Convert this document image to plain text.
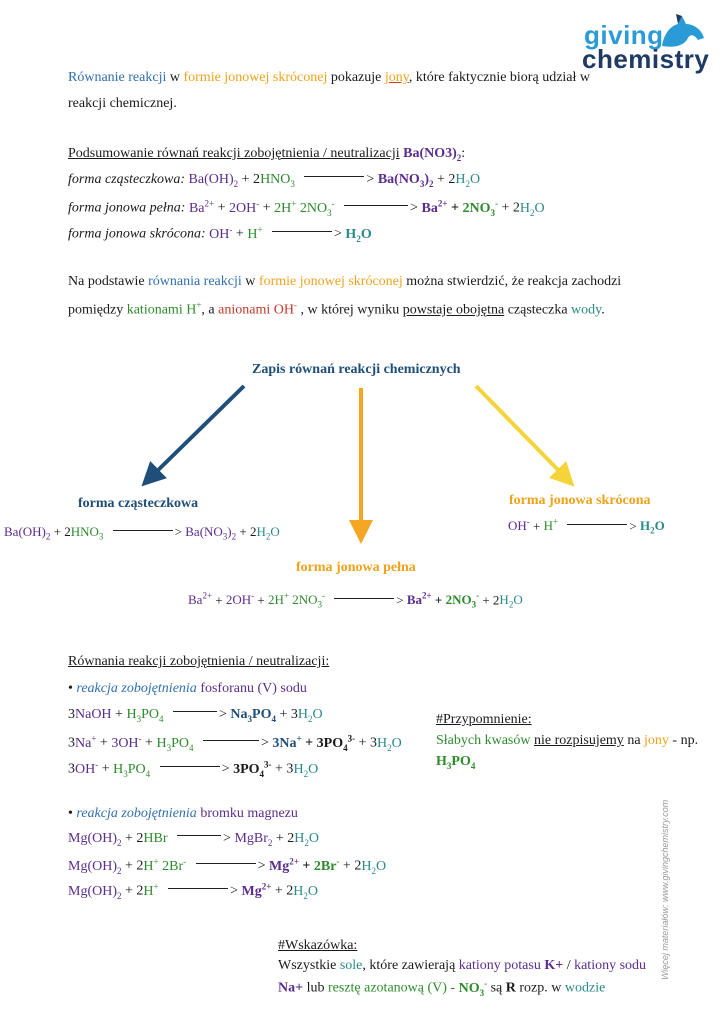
giving
chemistry
Równanie reakcji w formie jonowej skróconej pokazuje jony, które faktycznie biorą udział w
reakcji chemicznej.
Podsumowanie równań reakcji zobojętnienia / neutralizacji $Ba(NO3)_2$:
forma cząsteczkowa: $Ba(OH)_2 + 2HNO_3$	> $Ba(NO_3)_2 + 2H_2O$
forma jonowa pełna: $Ba^{2+} + 2OH^- + 2H^+$ $2NO_3^-$	> $Ba^{2+} + 2NO_3^- + 2H_2O$
forma jonowa skrócona: OH- + H+	> $H_2O$
Na podstawie równania reakcji w formie jonowej skróconej można stwierdzić, że reakcja zachodzi
pomiędzy kationami H+, a anionami OH- , w której wyniku powstaje obojętna cząsteczka wody.
Zapis równań reakcji chemicznych
forma cząsteczkowa
$Ba(OH)_2 + 2HNO_3$	> $Ba(NO_3)_2 + 2H_2O$
forma jonowa skrócona
OH- + H+	> $H_2O$
forma jonowa pełna
$Ba^{2+} + 2OH^- + 2H^+$ $2NO_3^-$	> $Ba^{2+} + 2NO_3^- + 2H_2O$
Równania reakcji zobojętnienia / neutralizacji:
• reakcja zobojętnienia fosforanu (V) sodu
3NaOH + $H_3PO_4$	> $Na_3PO_4 + 3H_2O$
$3Na^+ + 3OH^- + H_3PO_4$	> $3Na^+ + 3PO_4^{3-} + 3H_2O$
$3OH^- + H_3PO_4$	> $3PO_4^{3-} + 3H_2O$
#Przypomnienie:
Słabych kwasów nie rozpisujemy na jony - np.
$H_3PO_4$
• reakcja zobojętnienia bromku magnezu
$Mg(OH)_2 + 2HBr$	> MgBr$_2$ + $2H_2O$
$Mg(OH)_2 + 2H^+$ 2Br-	> $Mg^{2+} + 2Br^- + 2H_2O$
$Mg(OH)_2 + 2H^+$	> $Mg^{2+} + 2H_2O$
#Wskazówka:
Wszystkie sole, które zawierają kationy potasu K+ / kationy sodu
Na+ lub resztę azotanową $(V) - NO_3^-$ są R rozp. w wodzie
Więcej materiałów: www.givingchemistry.com
